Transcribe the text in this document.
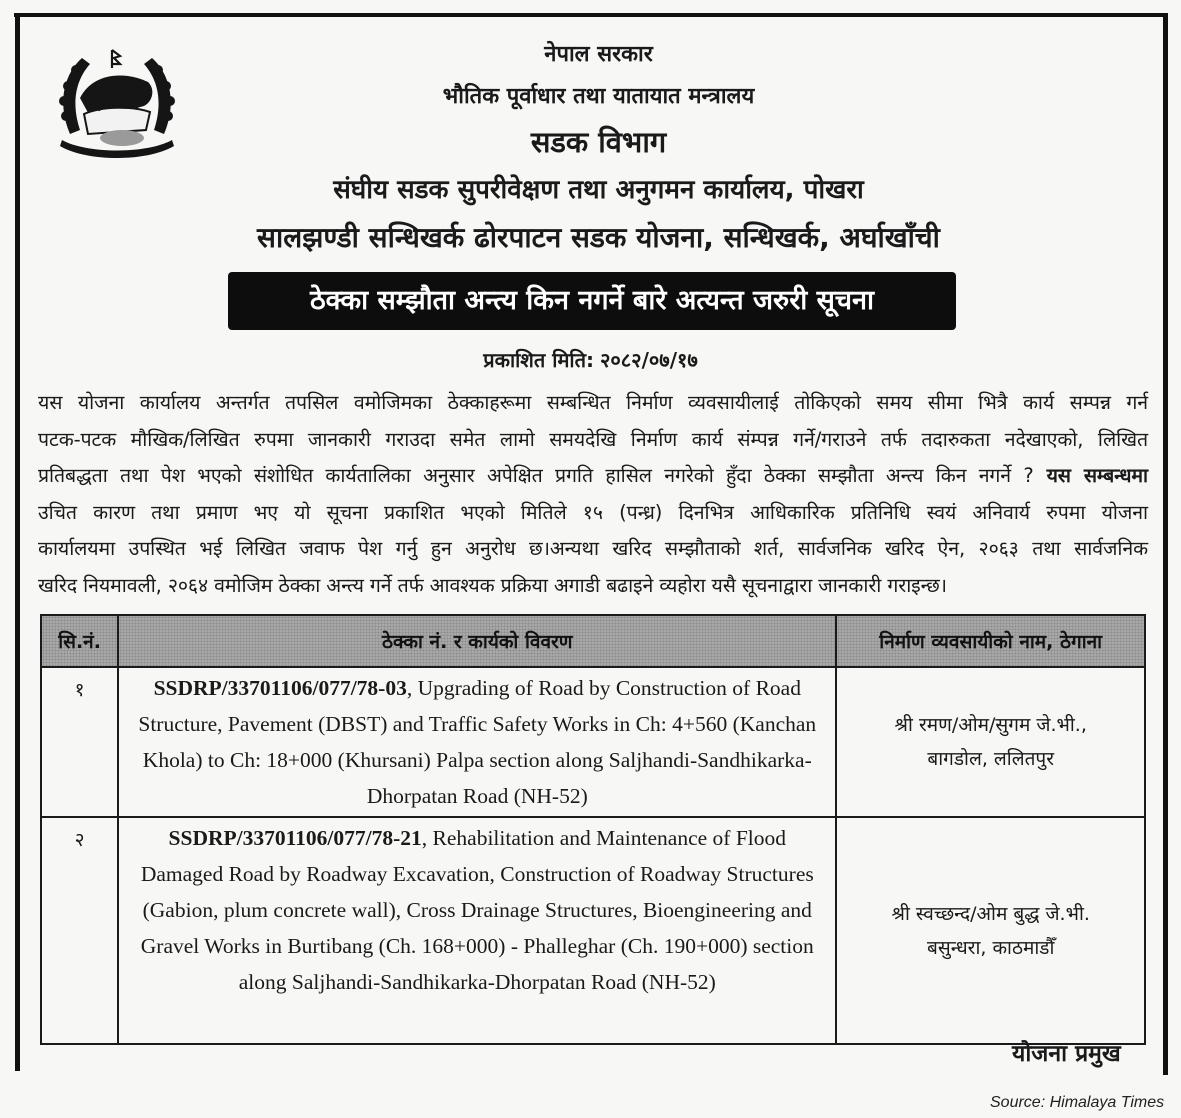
नेपाल सरकार
भौतिक पूर्वाधार तथा यातायात मन्त्रालय
सडक विभाग
संघीय सडक सुपरीवेक्षण तथा अनुगमन कार्यालय, पोखरा
सालझण्डी सन्धिखर्क ढोरपाटन सडक योजना, सन्धिखर्क, अर्घाखाँची
ठेक्का सम्झौता अन्त्य किन नगर्ने बारे अत्यन्त जरुरी सूचना
प्रकाशित मिति: २०८२/०७/१७
यस योजना कार्यालय अन्तर्गत तपसिल वमोजिमका ठेक्काहरूमा सम्बन्धित निर्माण व्यवसायीलाई तोकिएको समय सीमा भित्रै कार्य सम्पन्न गर्न
पटक-पटक मौखिक/लिखित रुपमा जानकारी गराउदा समेत लामो समयदेखि निर्माण कार्य संम्पन्न गर्ने/गराउने तर्फ तदारुकता नदेखाएको, लिखित
प्रतिबद्धता तथा पेश भएको संशोधित कार्यतालिका अनुसार अपेक्षित प्रगति हासिल नगरेको हुँदा ठेक्का सम्झौता अन्त्य किन नगर्ने ? यस सम्बन्धमा
उचित कारण तथा प्रमाण भए यो सूचना प्रकाशित भएको मितिले १५ (पन्ध्र) दिनभित्र आधिकारिक प्रतिनिधि स्वयं अनिवार्य रुपमा योजना
कार्यालयमा उपस्थित भई लिखित जवाफ पेश गर्नु हुन अनुरोध छ।अन्यथा खरिद सम्झौताको शर्त, सार्वजनिक खरिद ऐन, २०६३ तथा सार्वजनिक
खरिद नियमावली, २०६४ वमोजिम ठेक्का अन्त्य गर्ने तर्फ आवश्यक प्रक्रिया अगाडी बढाइने व्यहोरा यसै सूचनाद्वारा जानकारी गराइन्छ।
सि.नं.	ठेक्का नं. र कार्यको विवरण	निर्माण व्यवसायीको नाम, ठेगाना
१	SSDRP/33701106/077/78-03, Upgrading of Road by Construction of Road Structure, Pavement (DBST) and Traffic Safety Works in Ch: 4+560 (Kanchan Khola) to Ch: 18+000 (Khursani) Palpa section along Saljhandi-Sandhikarka-Dhorpatan Road (NH-52)	श्री रमण/ओम/सुगम जे.भी.,
बागडोल, ललितपुर

२	SSDRP/33701106/077/78-21, Rehabilitation and Maintenance of Flood Damaged Road by Roadway Excavation, Construction of Roadway Structures (Gabion, plum concrete wall), Cross Drainage Structures, Bioengineering and Gravel Works in Burtibang (Ch. 168+000) - Phalleghar (Ch. 190+000) section along Saljhandi-Sandhikarka-Dhorpatan Road (NH-52)	श्री स्वच्छन्द/ओम बुद्ध जे.भी.
बसुन्धरा, काठमाडौँ
योजना प्रमुख
Source: Himalaya Times
